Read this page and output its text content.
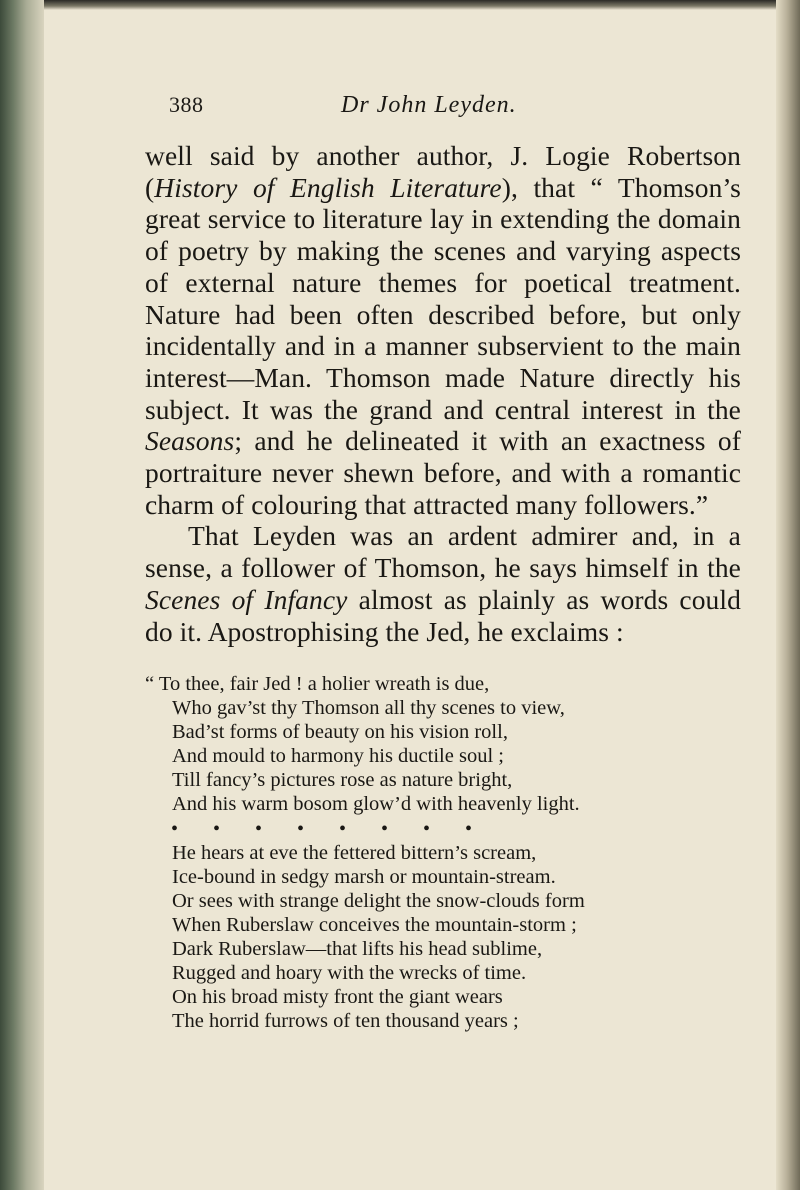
388	Dr John Leyden.

well said by another author, J. Logie Robertson (History of English Literature), that “ Thomson’s great service to literature lay in extending the domain of poetry by making the scenes and varying aspects of external nature themes for poetical treatment. Nature had been often described before, but only incidentally and in a manner subservient to the main interest—Man. Thomson made Nature directly his subject. It was the grand and central interest in the Seasons; and he delineated it with an exactness of portraiture never shewn before, and with a romantic charm of colouring that attracted many followers.”

That Leyden was an ardent admirer and, in a sense, a follower of Thomson, he says himself in the Scenes of Infancy almost as plainly as words could do it. Apostrophising the Jed, he exclaims :

“ To thee, fair Jed ! a holier wreath is due,
Who gav’st thy Thomson all thy scenes to view,
Bad’st forms of beauty on his vision roll,
And mould to harmony his ductile soul ;
Till fancy’s pictures rose as nature bright,
And his warm bosom glow’d with heavenly light.
•       •       •       •       •       •       •       •
He hears at eve the fettered bittern’s scream,
Ice-bound in sedgy marsh or mountain-stream.
Or sees with strange delight the snow-clouds form
When Ruberslaw conceives the mountain-storm ;
Dark Ruberslaw—that lifts his head sublime,
Rugged and hoary with the wrecks of time.
On his broad misty front the giant wears
The horrid furrows of ten thousand years ;
